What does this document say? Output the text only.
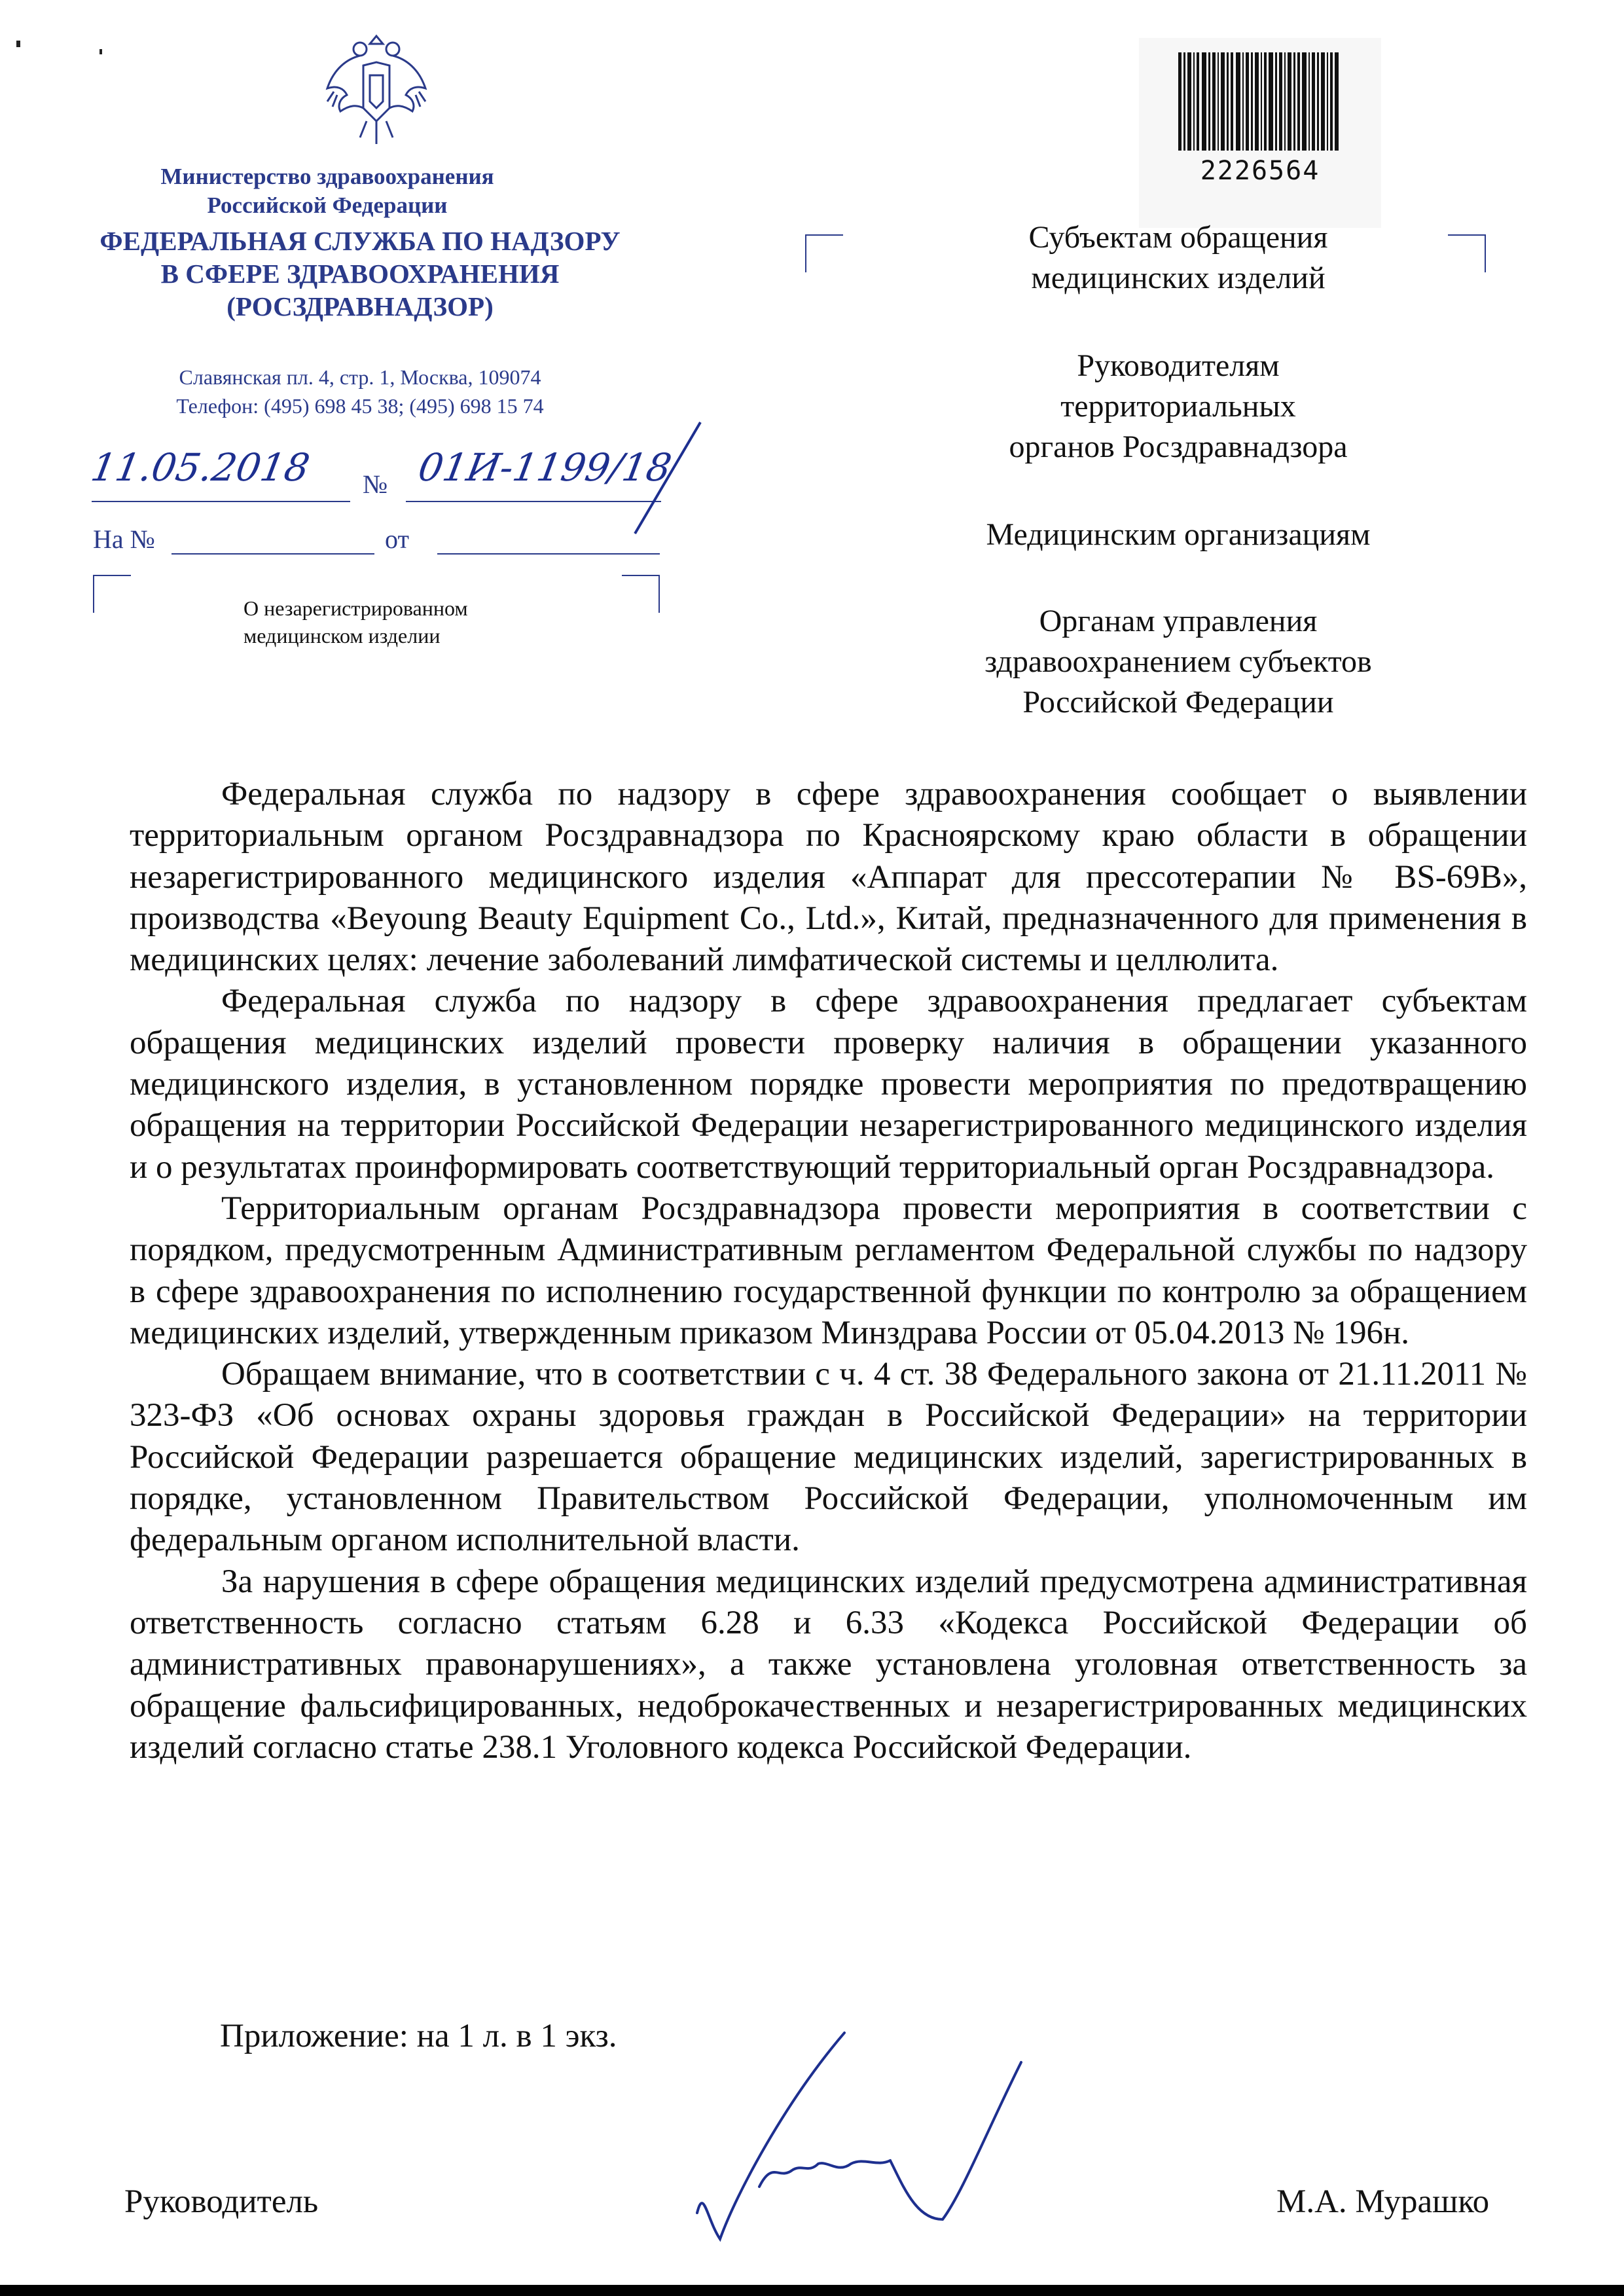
Министерство здравоохранения
Российской Федерации
ФЕДЕРАЛЬНАЯ СЛУЖБА ПО НАДЗОРУ
В СФЕРЕ ЗДРАВООХРАНЕНИЯ
(РОСЗДРАВНАДЗОР)
Славянская пл. 4, стр. 1, Москва, 109074
Телефон: (495) 698 45 38; (495) 698 15 74
11.05.2018 № 01И-1199/18
На №	от
О незарегистрированном
медицинском изделии
2226564
Субъектам обращения
медицинских изделий
Руководителям
территориальных
органов Росздравнадзора
Медицинским организациям
Органам управления
здравоохранением субъектов
Российской Федерации

Федеральная служба по надзору в сфере здравоохранения сообщает о выявлении территориальным органом Росздравнадзора по Красноярскому краю области в обращении незарегистрированного медицинского изделия «Аппарат для прессотерапии № BS-69B», производства «Beyoung Beauty Equipment Co., Ltd.», Китай, предназначенного для применения в медицинских целях: лечение заболеваний лимфатической системы и целлюлита.

Федеральная служба по надзору в сфере здравоохранения предлагает субъектам обращения медицинских изделий провести проверку наличия в обращении указанного медицинского изделия, в установленном порядке провести мероприятия по предотвращению обращения на территории Российской Федерации незарегистрированного медицинского изделия и о результатах проинформировать соответствующий территориальный орган Росздравнадзора.

Территориальным органам Росздравнадзора провести мероприятия в соответствии с порядком, предусмотренным Административным регламентом Федеральной службы по надзору в сфере здравоохранения по исполнению государственной функции по контролю за обращением медицинских изделий, утвержденным приказом Минздрава России от 05.04.2013 № 196н.

Обращаем внимание, что в соответствии с ч. 4 ст. 38 Федерального закона от 21.11.2011 № 323-ФЗ «Об основах охраны здоровья граждан в Российской Федерации» на территории Российской Федерации разрешается обращение медицинских изделий, зарегистрированных в порядке, установленном Правительством Российской Федерации, уполномоченным им федеральным органом исполнительной власти.

За нарушения в сфере обращения медицинских изделий предусмотрена административная ответственность согласно статьям 6.28 и 6.33 «Кодекса Российской Федерации об административных правонарушениях», а также установлена уголовная ответственность за обращение фальсифицированных, недоброкачественных и незарегистрированных медицинских изделий согласно статье 238.1 Уголовного кодекса Российской Федерации.

Приложение: на 1 л. в 1 экз.
Руководитель	М.А. Мурашко
